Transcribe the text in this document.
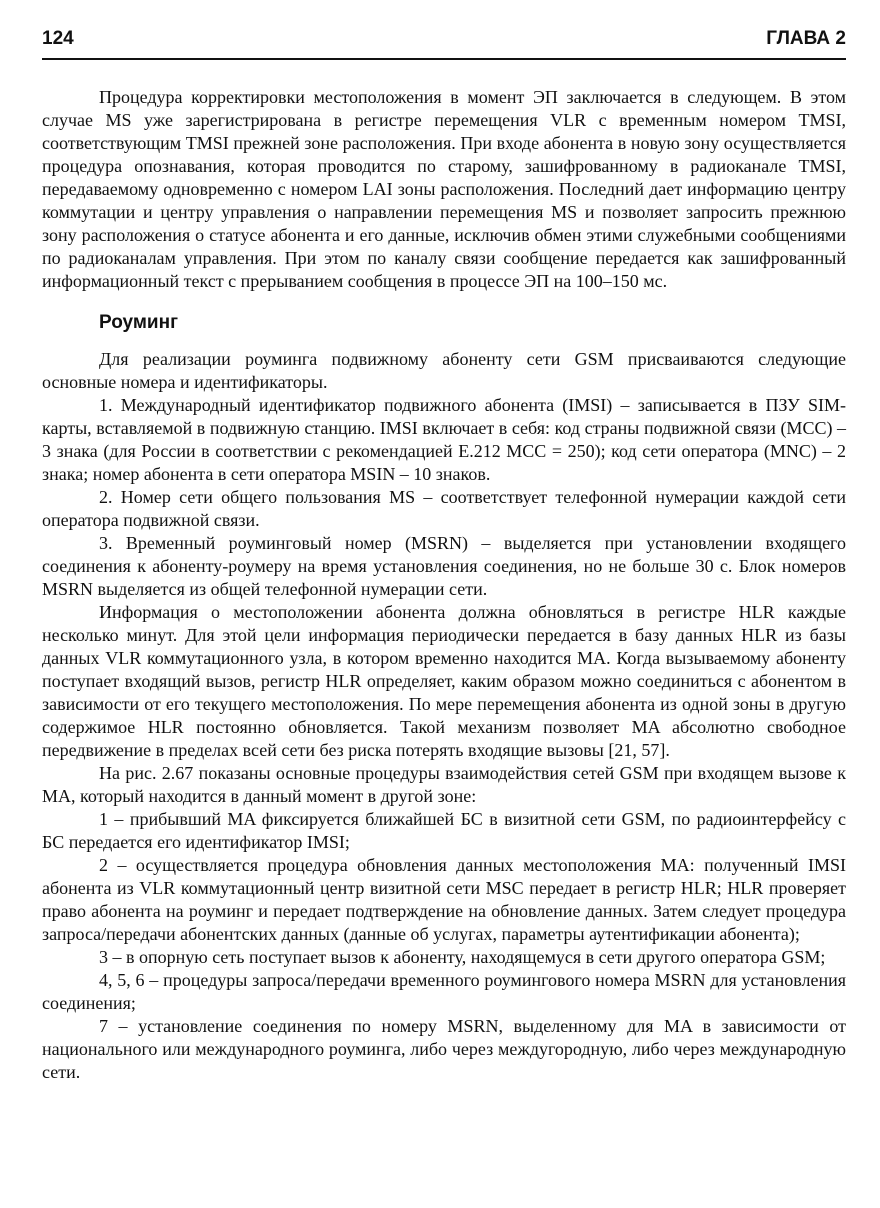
124	ГЛАВА 2

Процедура корректировки местоположения в момент ЭП заключается в следующем. В этом случае MS уже зарегистрирована в регистре перемещения VLR с временным номером TMSI, соответствующим TMSI прежней зоне расположения. При входе абонента в новую зону осуществляется процедура опознавания, которая проводится по старому, зашифрованному в радиоканале TMSI, передаваемому одновременно с номером LAI зоны расположения. Последний дает информацию центру коммутации и центру управления о направлении перемещения MS и позволяет запросить прежнюю зону расположения о статусе абонента и его данные, исключив обмен этими служебными сообщениями по радиоканалам управления. При этом по каналу связи сообщение передается как зашифрованный информационный текст с прерыванием сообщения в процессе ЭП на 100–150 мс.

Роуминг

Для реализации роуминга подвижному абоненту сети GSM присваиваются следующие основные номера и идентификаторы.

1. Международный идентификатор подвижного абонента (IMSI) – записывается в ПЗУ SIM-карты, вставляемой в подвижную станцию. IMSI включает в себя: код страны подвижной связи (MCC) – 3 знака (для России в соответствии с рекомендацией E.212 MCC = 250); код сети оператора (MNC) – 2 знака; номер абонента в сети оператора MSIN – 10 знаков.

2. Номер сети общего пользования MS – соответствует телефонной нумерации каждой сети оператора подвижной связи.

3. Временный роуминговый номер (MSRN) – выделяется при установлении входящего соединения к абоненту-роумеру на время установления соединения, но не больше 30 с. Блок номеров MSRN выделяется из общей телефонной нумерации сети.

Информация о местоположении абонента должна обновляться в регистре HLR каждые несколько минут. Для этой цели информация периодически передается в базу данных HLR из базы данных VLR коммутационного узла, в котором временно находится MA. Когда вызываемому абоненту поступает входящий вызов, регистр HLR определяет, каким образом можно соединиться с абонентом в зависимости от его текущего местоположения. По мере перемещения абонента из одной зоны в другую содержимое HLR постоянно обновляется. Такой механизм позволяет MA абсолютно свободное передвижение в пределах всей сети без риска потерять входящие вызовы [21, 57].

На рис. 2.67 показаны основные процедуры взаимодействия сетей GSM при входящем вызове к MA, который находится в данный момент в другой зоне:

1 – прибывший MA фиксируется ближайшей БС в визитной сети GSM, по радиоинтерфейсу с БС передается его идентификатор IMSI;

2 – осуществляется процедура обновления данных местоположения MA: полученный IMSI абонента из VLR коммутационный центр визитной сети MSC передает в регистр HLR; HLR проверяет право абонента на роуминг и передает подтверждение на обновление данных. Затем следует процедура запроса/передачи абонентских данных (данные об услугах, параметры аутентификации абонента);

3 – в опорную сеть поступает вызов к абоненту, находящемуся в сети другого оператора GSM;

4, 5, 6 – процедуры запроса/передачи временного роумингового номера MSRN для установления соединения;

7 – установление соединения по номеру MSRN, выделенному для MA в зависимости от национального или международного роуминга, либо через междугородную, либо через международную сети.
